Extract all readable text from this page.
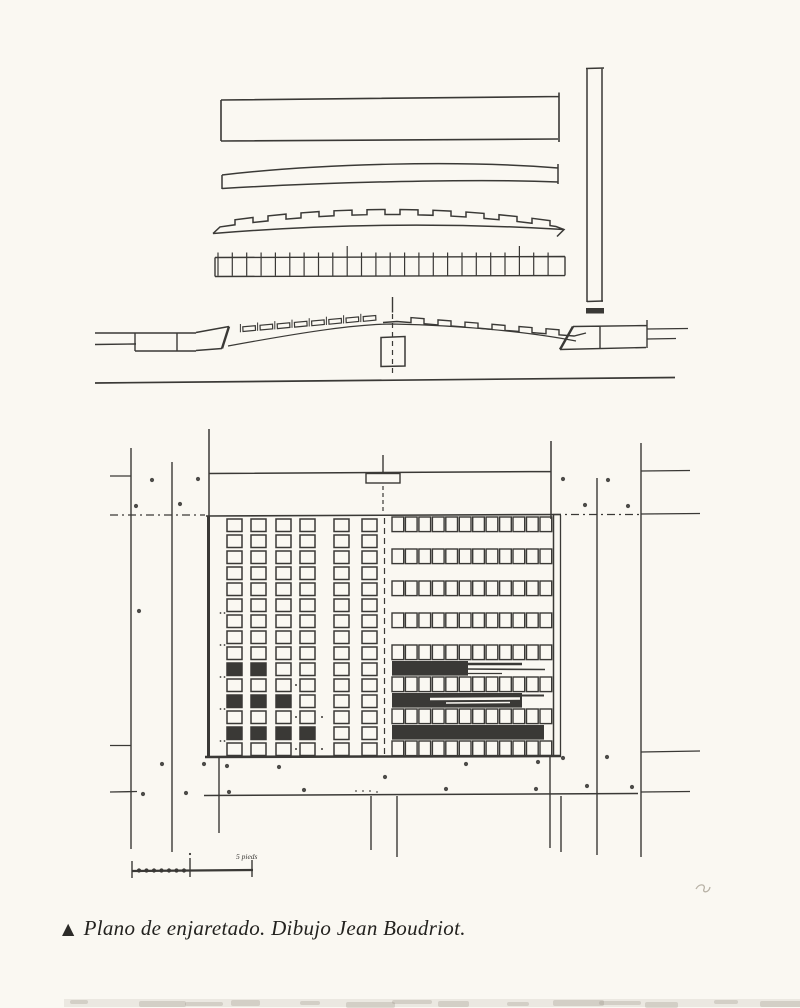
5 pieds
▲ Plano de enjaretado. Dibujo Jean Boudriot.
